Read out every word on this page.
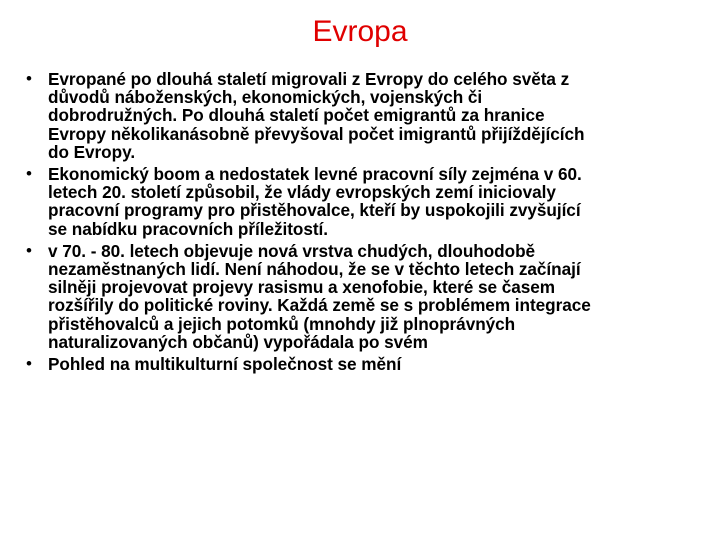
Evropa
• Evropané po dlouhá staletí migrovali z Evropy do celého světa z
důvodů náboženských, ekonomických, vojenských či
dobrodružných. Po dlouhá staletí počet emigrantů za hranice
Evropy několikanásobně převyšoval počet imigrantů přijíždějících
do Evropy.
• Ekonomický boom a nedostatek levné pracovní síly zejména v 60.
letech 20. století způsobil, že vlády evropských zemí iniciovaly
pracovní programy pro přistěhovalce, kteří by uspokojili zvyšující
se nabídku pracovních příležitostí.
• v 70. - 80. letech objevuje nová vrstva chudých, dlouhodobě
nezaměstnaných lidí. Není náhodou, že se v těchto letech začínají
silněji projevovat projevy rasismu a xenofobie, které se časem
rozšířily do politické roviny. Každá země se s problémem integrace
přistěhovalců a jejich potomků (mnohdy již plnoprávných
naturalizovaných občanů) vypořádala po svém
• Pohled na multikulturní společnost se mění
